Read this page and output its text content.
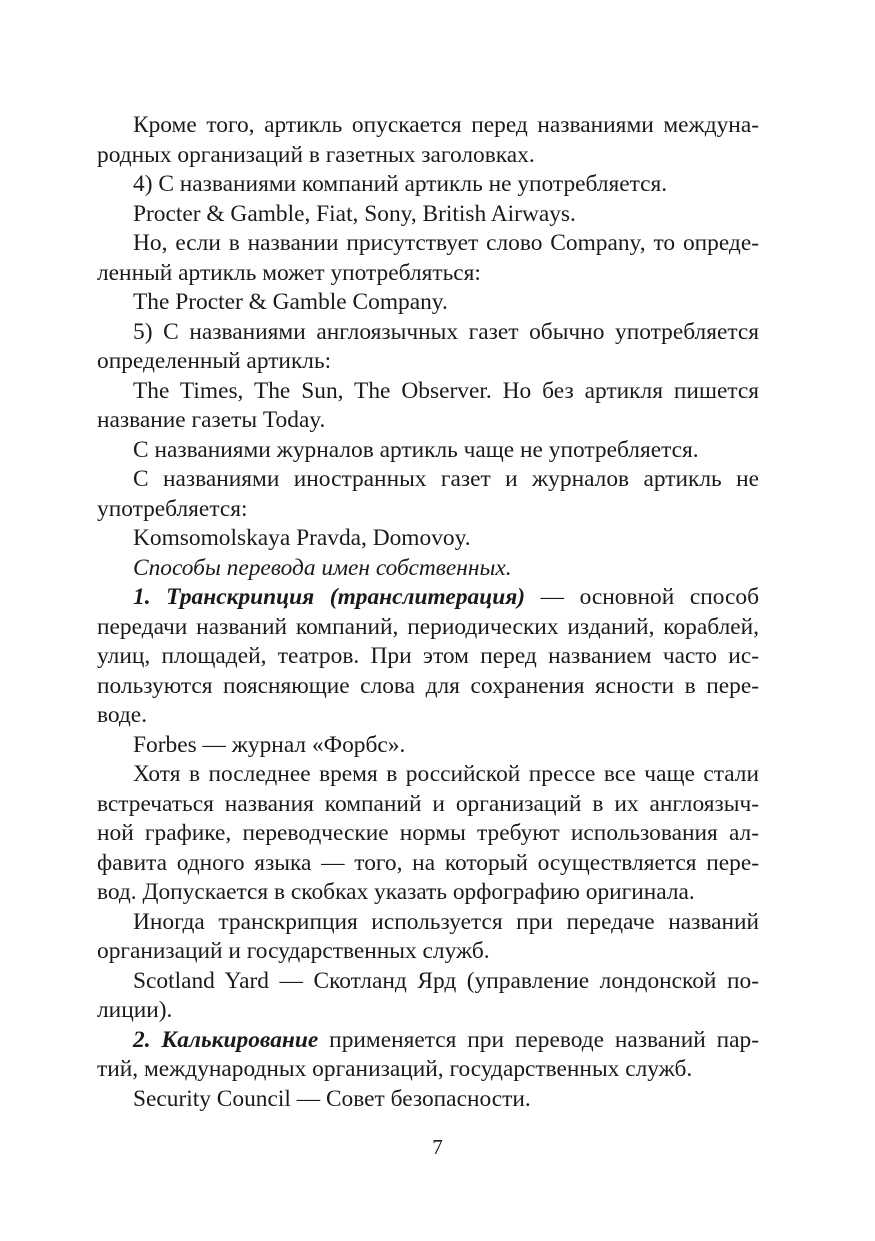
Кроме того, артикль опускается перед названиями междуна-
родных организаций в газетных заголовках.
4) С названиями компаний артикль не употребляется.
Procter & Gamble, Fiat, Sony, British Airways.
Но, если в названии присутствует слово Company, то опреде-
ленный артикль может употребляться:
The Procter & Gamble Company.
5) С названиями англоязычных газет обычно употребляется
определенный артикль:
The Times, The Sun, The Observer. Но без артикля пишется
название газеты Today.
С названиями журналов артикль чаще не употребляется.
С названиями иностранных газет и журналов артикль не
употребляется:
Komsomolskaya Pravda, Domovoy.
Способы перевода имен собственных.
1. Транскрипция (транслитерация) — основной способ
передачи названий компаний, периодических изданий, кораблей,
улиц, площадей, театров. При этом перед названием часто ис-
пользуются поясняющие слова для сохранения ясности в пере-
воде.
Forbes — журнал «Форбс».
Хотя в последнее время в российской прессе все чаще стали
встречаться названия компаний и организаций в их англоязыч-
ной графике, переводческие нормы требуют использования ал-
фавита одного языка — того, на который осуществляется пере-
вод. Допускается в скобках указать орфографию оригинала.
Иногда транскрипция используется при передаче названий
организаций и государственных служб.
Scotland Yard — Скотланд Ярд (управление лондонской по-
лиции).
2. Калькирование применяется при переводе названий пар-
тий, международных организаций, государственных служб.
Security Council — Совет безопасности.
7
